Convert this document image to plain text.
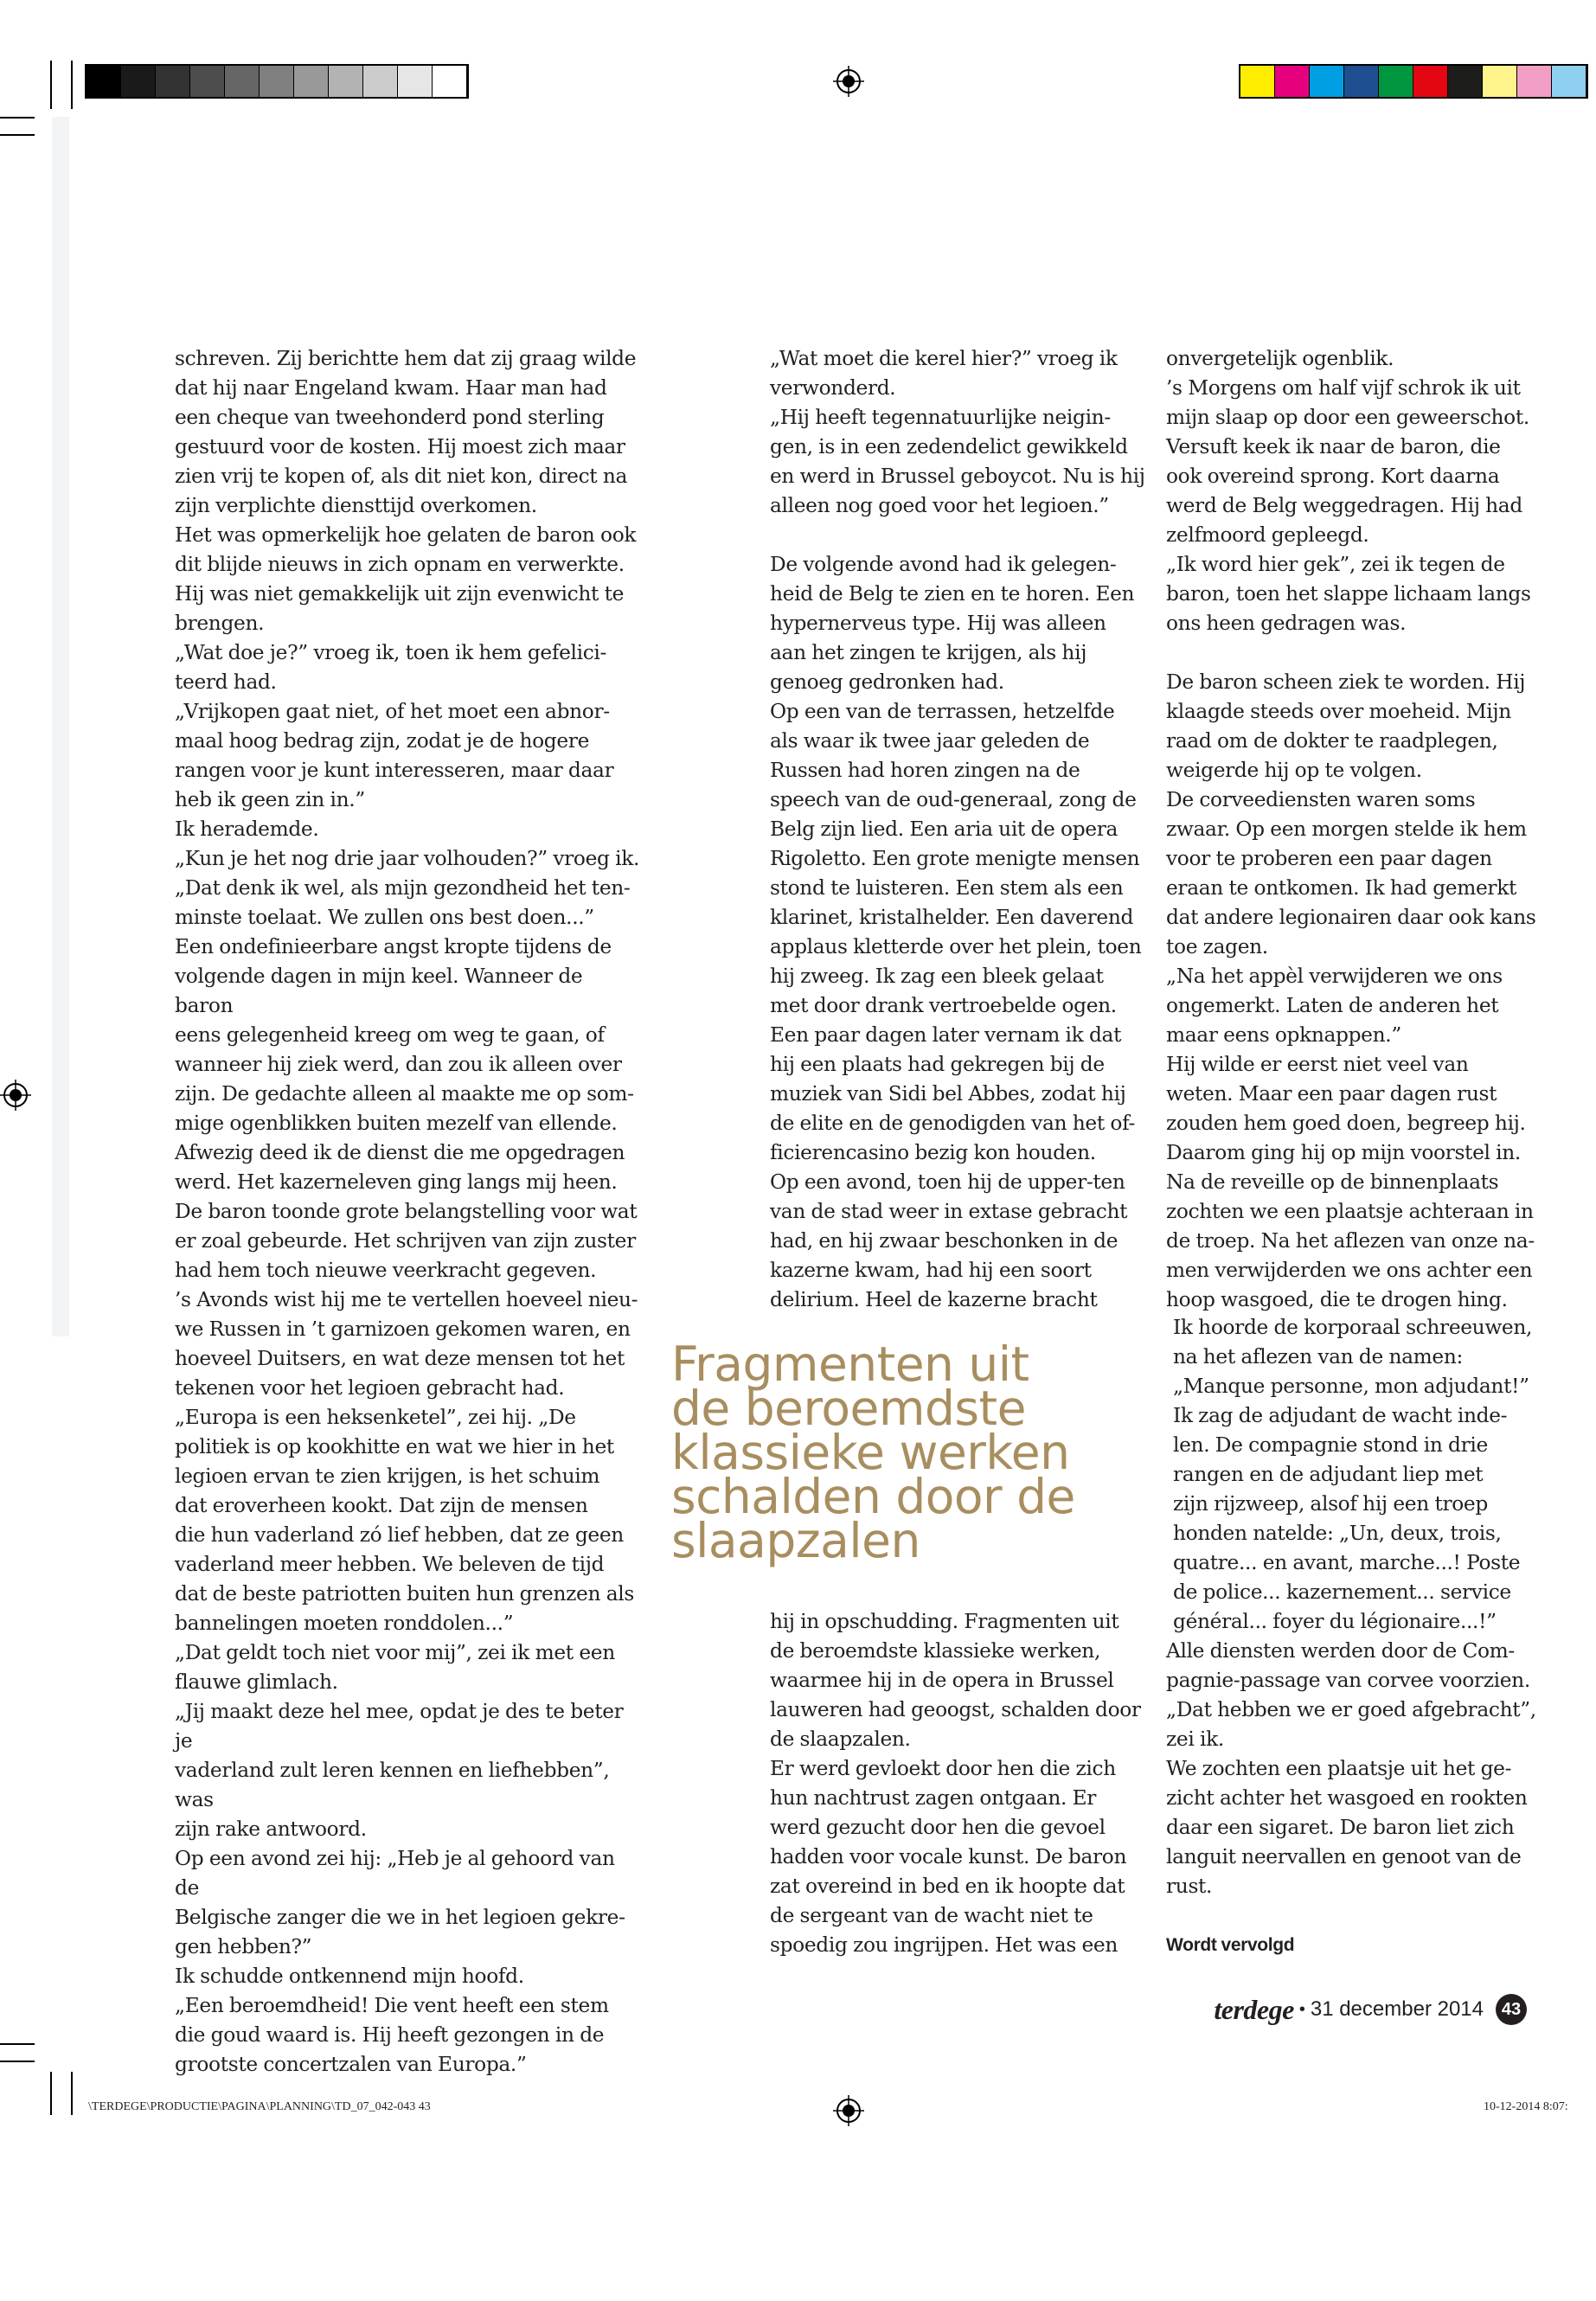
schreven. Zij berichtte hem dat zij graag wilde

dat hij naar Engeland kwam. Haar man had

een cheque van tweehonderd pond sterling

gestuurd voor de kosten. Hij moest zich maar

zien vrij te kopen of, als dit niet kon, direct na

zijn verplichte diensttijd overkomen.

Het was opmerkelijk hoe gelaten de baron ook

dit blijde nieuws in zich opnam en verwerkte.

Hij was niet gemakkelijk uit zijn evenwicht te

brengen.

„Wat doe je?” vroeg ik, toen ik hem gefelici-

teerd had.

„Vrijkopen gaat niet, of het moet een abnor-

maal hoog bedrag zijn, zodat je de hogere

rangen voor je kunt interesseren, maar daar

heb ik geen zin in.”

Ik herademde.

„Kun je het nog drie jaar volhouden?” vroeg ik.

„Dat denk ik wel, als mijn gezondheid het ten-

minste toelaat. We zullen ons best doen...”

Een ondefinieerbare angst kropte tijdens de

volgende dagen in mijn keel. Wanneer de baron

eens gelegenheid kreeg om weg te gaan, of

wanneer hij ziek werd, dan zou ik alleen over

zijn. De gedachte alleen al maakte me op som-

mige ogenblikken buiten mezelf van ellende.

Afwezig deed ik de dienst die me opgedragen

werd. Het kazerneleven ging langs mij heen.

De baron toonde grote belangstelling voor wat

er zoal gebeurde. Het schrijven van zijn zuster

had hem toch nieuwe veerkracht gegeven.

’s Avonds wist hij me te vertellen hoeveel nieu-

we Russen in ’t garnizoen gekomen waren, en

hoeveel Duitsers, en wat deze mensen tot het

tekenen voor het legioen gebracht had.

„Europa is een heksenketel”, zei hij. „De

politiek is op kookhitte en wat we hier in het

legioen ervan te zien krijgen, is het schuim

dat eroverheen kookt. Dat zijn de mensen

die hun vaderland zó lief hebben, dat ze geen

vaderland meer hebben. We beleven de tijd

dat de beste patriotten buiten hun grenzen als

bannelingen moeten ronddolen...”

„Dat geldt toch niet voor mij”, zei ik met een

flauwe glimlach.

„Jij maakt deze hel mee, opdat je des te beter je

vaderland zult leren kennen en liefhebben”, was

zijn rake antwoord.

Op een avond zei hij: „Heb je al gehoord van de

Belgische zanger die we in het legioen gekre-

gen hebben?”

Ik schudde ontkennend mijn hoofd.

„Een beroemdheid! Die vent heeft een stem

die goud waard is. Hij heeft gezongen in de

grootste concertzalen van Europa.”

„Wat moet die kerel hier?” vroeg ik

verwonderd.

„Hij heeft tegennatuurlijke neigin-

gen, is in een zedendelict gewikkeld

en werd in Brussel geboycot. Nu is hij

alleen nog goed voor het legioen.”

De volgende avond had ik gelegen-

heid de Belg te zien en te horen. Een

hypernerveus type. Hij was alleen

aan het zingen te krijgen, als hij

genoeg gedronken had.

Op een van de terrassen, hetzelfde

als waar ik twee jaar geleden de

Russen had horen zingen na de

speech van de oud-generaal, zong de

Belg zijn lied. Een aria uit de opera

Rigoletto. Een grote menigte mensen

stond te luisteren. Een stem als een

klarinet, kristalhelder. Een daverend

applaus kletterde over het plein, toen

hij zweeg. Ik zag een bleek gelaat

met door drank vertroebelde ogen.

Een paar dagen later vernam ik dat

hij een plaats had gekregen bij de

muziek van Sidi bel Abbes, zodat hij

de elite en de genodigden van het of-

ficierencasino bezig kon houden.

Op een avond, toen hij de upper-ten

van de stad weer in extase gebracht

had, en hij zwaar beschonken in de

kazerne kwam, had hij een soort

delirium. Heel de kazerne bracht

Fragmenten uit

de beroemdste

klassieke werken

schalden door de

slaapzalen

hij in opschudding. Fragmenten uit

de beroemdste klassieke werken,

waarmee hij in de opera in Brussel

lauweren had geoogst, schalden door

de slaapzalen.

Er werd gevloekt door hen die zich

hun nachtrust zagen ontgaan. Er

werd gezucht door hen die gevoel

hadden voor vocale kunst. De baron

zat overeind in bed en ik hoopte dat

de sergeant van de wacht niet te

spoedig zou ingrijpen. Het was een

onvergetelijk ogenblik.

’s Morgens om half vijf schrok ik uit

mijn slaap op door een geweerschot.

Versuft keek ik naar de baron, die

ook overeind sprong. Kort daarna

werd de Belg weggedragen. Hij had

zelfmoord gepleegd.

„Ik word hier gek”, zei ik tegen de

baron, toen het slappe lichaam langs

ons heen gedragen was.

De baron scheen ziek te worden. Hij

klaagde steeds over moeheid. Mijn

raad om de dokter te raadplegen,

weigerde hij op te volgen.

De corveediensten waren soms

zwaar. Op een morgen stelde ik hem

voor te proberen een paar dagen

eraan te ontkomen. Ik had gemerkt

dat andere legionairen daar ook kans

toe zagen.

„Na het appèl verwijderen we ons

ongemerkt. Laten de anderen het

maar eens opknappen.”

Hij wilde er eerst niet veel van

weten. Maar een paar dagen rust

zouden hem goed doen, begreep hij.

Daarom ging hij op mijn voorstel in.

Na de reveille op de binnenplaats

zochten we een plaatsje achteraan in

de troep. Na het aflezen van onze na-

men verwijderden we ons achter een

hoop wasgoed, die te drogen hing.

Ik hoorde de korporaal schreeuwen,

na het aflezen van de namen:

„Manque personne, mon adjudant!”

Ik zag de adjudant de wacht inde-

len. De compagnie stond in drie

rangen en de adjudant liep met

zijn rijzweep, alsof hij een troep

honden natelde: „Un, deux, trois,

quatre... en avant, marche...! Poste

de police... kazernement... service

général... foyer du légionaire...!”

Alle diensten werden door de Com-

pagnie-passage van corvee voorzien.

„Dat hebben we er goed afgebracht”,

zei ik.

We zochten een plaatsje uit het ge-

zicht achter het wasgoed en rookten

daar een sigaret. De baron liet zich

languit neervallen en genoot van de

rust.

Wordt vervolgd

terdege • 31 december 2014	43
\TERDEGE\PRODUCTIE\PAGINA\PLANNING\TD_07_042-043 43	10-12-2014 8:07:
